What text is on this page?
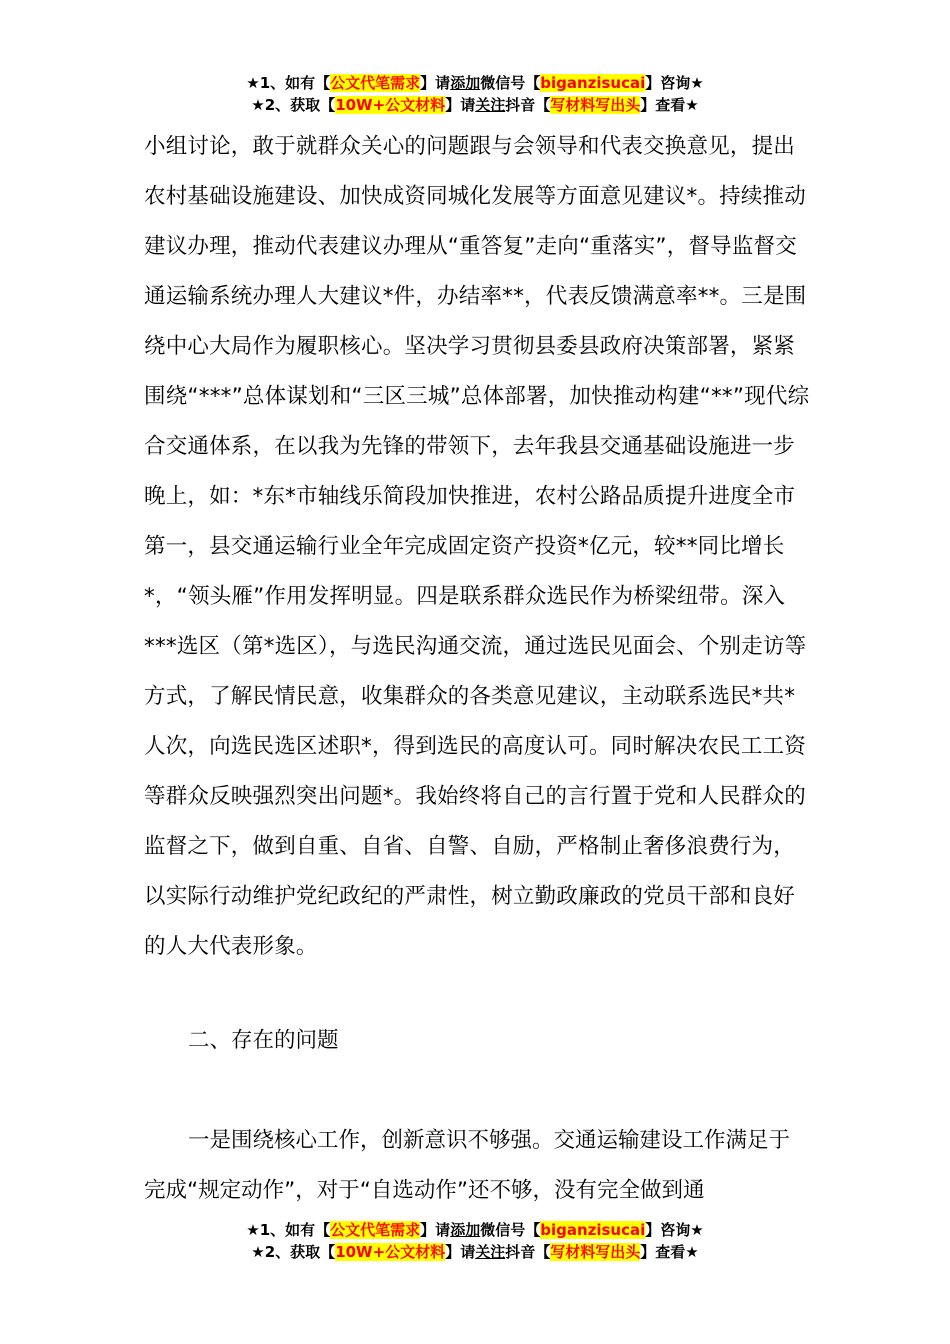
★1、如有【公文代笔需求】请添加微信号【biganzisucai】咨询★
★2、获取【10W+公文材料】请关注抖音【写材料写出头】查看★
小组讨论，敢于就群众关心的问题跟与会领导和代表交换意见，提出农村基础设施建设、加快成资同城化发展等方面意见建议*。持续推动建议办理，推动代表建议办理从“重答复”走向“重落实”，督导监督交通运输系统办理人大建议*件，办结率**，代表反馈满意率**。三是围绕中心大局作为履职核心。坚决学习贯彻县委县政府决策部署，紧紧围绕“***”总体谋划和“三区三城”总体部署，加快推动构建“**”现代综合交通体系，在以我为先锋的带领下，去年我县交通基础设施进一步晚上，如：*东*市轴线乐简段加快推进，农村公路品质提升进度全市第一，县交通运输行业全年完成固定资产投资*亿元，较**同比增长*，“领头雁”作用发挥明显。四是联系群众选民作为桥梁纽带。深入***选区（第*选区），与选民沟通交流，通过选民见面会、个别走访等方式，了解民情民意，收集群众的各类意见建议，主动联系选民*共*人次，向选民选区述职*，得到选民的高度认可。同时解决农民工工资等群众反映强烈突出问题*。我始终将自己的言行置于党和人民群众的监督之下，做到自重、自省、自警、自励，严格制止奢侈浪费行为，以实际行动维护党纪政纪的严肃性，树立勤政廉政的党员干部和良好的人大代表形象。
二、存在的问题
一是围绕核心工作，创新意识不够强。交通运输建设工作满足于完成“规定动作”，对于“自选动作”还不够，没有完全做到通
★1、如有【公文代笔需求】请添加微信号【biganzisucai】咨询★
★2、获取【10W+公文材料】请关注抖音【写材料写出头】查看★
